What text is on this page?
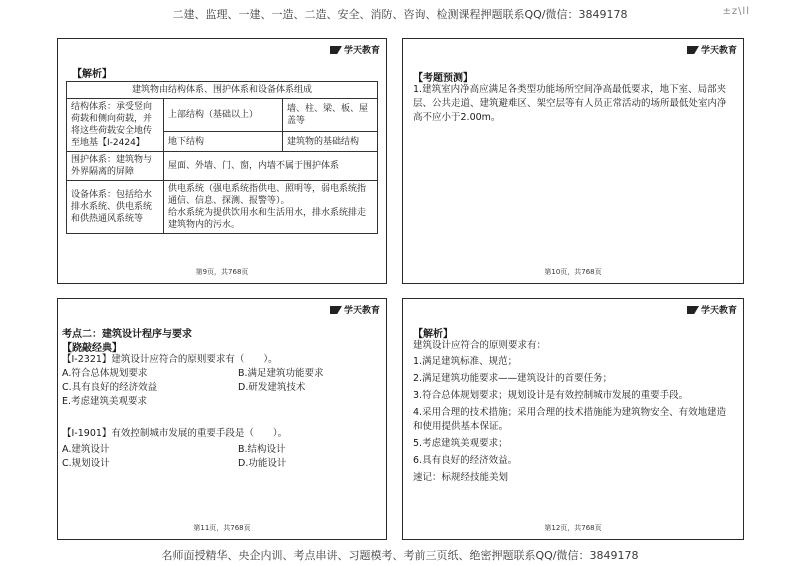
二建、监理、一建、一造、二造、安全、消防、咨询、检测课程押题联系QQ/微信：3849178	±z\ll
学天教育
【解析】
建筑物由结构体系、围护体系和设备体系组成		
结构体系：承受竖向荷载和侧向荷载，并将这些荷载安全地传至地基【Ⅰ-2424】	上部结构（基础以上）	墙、柱、梁、板、屋盖等
	地下结构	建筑物的基础结构
围护体系：建筑物与外界隔离的屏障	屋面、外墙、门、窗，内墙不属于围护体系	
设备体系：包括给水排水系统、供电系统和供热通风系统等	供电系统（强电系统指供电、照明等，弱电系统指通信、信息、探测、报警等）。
给水系统为提供饮用水和生活用水，排水系统排走建筑物内的污水。	
第9页，共768页
学天教育
【考题预测】
1.建筑室内净高应满足各类型功能场所空间净高最低要求，地下室、局部夹层、公共走道、建筑避难区、架空层等有人员正常活动的场所最低处室内净高不应小于2.00m。
第10页，共768页
学天教育
考点二：建筑设计程序与要求
【跷敲经典】
【Ⅰ-2321】建筑设计应符合的原则要求有（　　）。
A.符合总体规划要求	B.满足建筑功能要求
C.具有良好的经济效益	D.研发建筑技术
E.考虑建筑美观要求
【Ⅰ-1901】有效控制城市发展的重要手段是（　　）。
A.建筑设计	B.结构设计
C.规划设计	D.功能设计
第11页，共768页
学天教育
【解析】
建筑设计应符合的原则要求有：
1.满足建筑标准、规范；
2.满足建筑功能要求——建筑设计的首要任务；
3.符合总体规划要求；规划设计是有效控制城市发展的重要手段。
4.采用合理的技术措施；采用合理的技术措施能为建筑物安全、有效地建造和使用提供基本保证。
5.考虑建筑美观要求；
6.具有良好的经济效益。
速记：标规经技能美划
第12页，共768页
名师面授精华、央企内训、考点串讲、习题模考、考前三页纸、绝密押题联系QQ/微信：3849178
